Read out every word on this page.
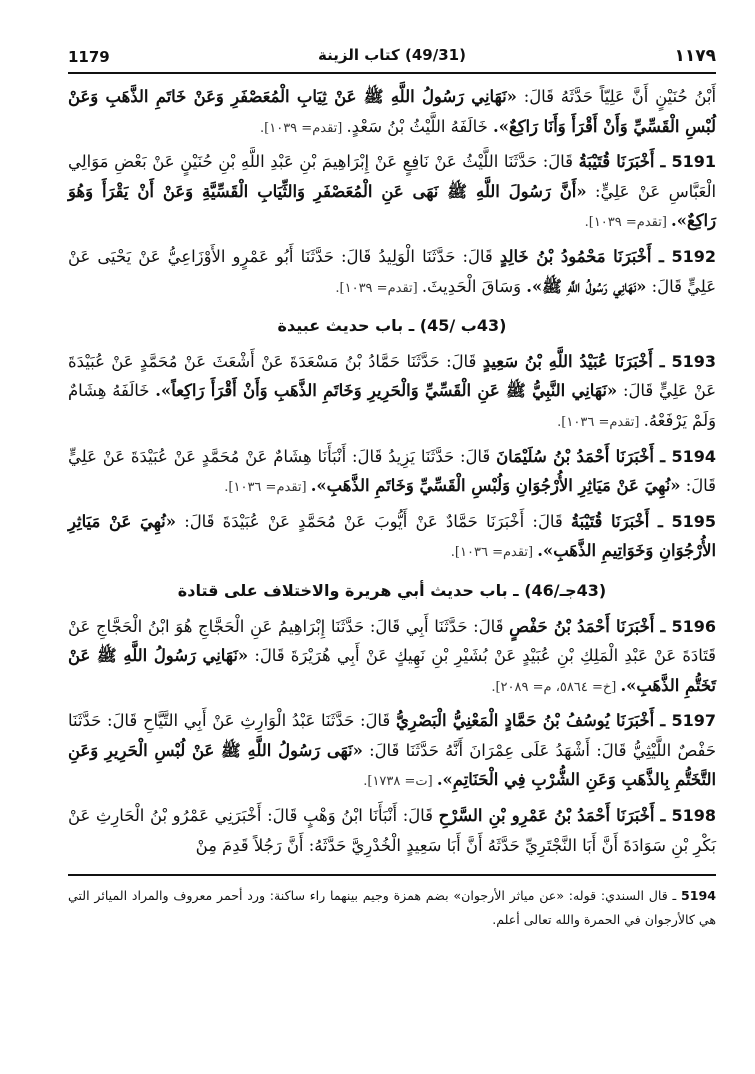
1179	(49/31) كتاب الزينة	١١٧٩

أَبْنُ حُنَيْنٍ أَنَّ عَلِيّاً حَدَّثَهُ قَالَ: «نَهَانِي رَسُولُ اللَّهِ ﷺ عَنْ ثِيَابِ الْمُعَصْفَرِ وَعَنْ خَاتَمِ الذَّهَبِ وَعَنْ لُبْسِ الْقَسِّيِّ وَأَنْ أَقْرَأَ وَأَنَا رَاكِعٌ». خَالَفَهُ اللَّيْثُ بْنُ سَعْدٍ. [تقدم= ١٠٣٩].

5191 ـ أَخْبَرَنَا قُتَيْبَةُ قَالَ: حَدَّثَنَا اللَّيْثُ عَنْ نَافِعٍ عَنْ إِبْرَاهِيمَ بْنِ عَبْدِ اللَّهِ بْنِ حُنَيْنٍ عَنْ بَعْضِ مَوَالِي الْعَبَّاسِ عَنْ عَلِيٍّ: «أَنَّ رَسُولَ اللَّهِ ﷺ نَهَى عَنِ الْمُعَصْفَرِ وَالثِّيَابِ الْقَسِّيَّةِ وَعَنْ أَنْ يَقْرَأَ وَهُوَ رَاكِعٌ». [تقدم= ١٠٣٩].

5192 ـ أَخْبَرَنَا مَحْمُودُ بْنُ خَالِدٍ قَالَ: حَدَّثَنَا الْوَلِيدُ قَالَ: حَدَّثَنَا أَبُو عَمْرٍو الأَوْزَاعِيُّ عَنْ يَحْيَى عَنْ عَلِيٍّ قَالَ: «نَهَانِي رَسُولُ اللَّهِ ﷺ». وَسَاقَ الْحَدِيثَ. [تقدم= ١٠٣٩].

(43ب /45) ـ باب حديث عبيدة

5193 ـ أَخْبَرَنَا عُبَيْدُ اللَّهِ بْنُ سَعِيدٍ قَالَ: حَدَّثَنَا حَمَّادُ بْنُ مَسْعَدَةَ عَنْ أَشْعَثَ عَنْ مُحَمَّدٍ عَنْ عُبَيْدَةَ عَنْ عَلِيٍّ قَالَ: «نَهَانِي النَّبِيُّ ﷺ عَنِ الْقَسِّيِّ وَالْحَرِيرِ وَخَاتَمِ الذَّهَبِ وَأَنْ أَقْرَأَ رَاكِعاً». خَالَفَهُ هِشَامٌ وَلَمْ يَرْفَعْهُ. [تقدم= ١٠٣٦].

5194 ـ أَخْبَرَنَا أَحْمَدُ بْنُ سُلَيْمَانَ قَالَ: حَدَّثَنَا يَزِيدُ قَالَ: أَنْبَأَنَا هِشَامٌ عَنْ مُحَمَّدٍ عَنْ عُبَيْدَةَ عَنْ عَلِيٍّ قَالَ: «نُهِيَ عَنْ مَيَاثِرِ الأُرْجُوَانِ وَلُبْسِ الْقَسِّيِّ وَخَاتَمِ الذَّهَبِ». [تقدم= ١٠٣٦].

5195 ـ أَخْبَرَنَا قُتَيْبَةُ قَالَ: أَخْبَرَنَا حَمَّادٌ عَنْ أَيُّوبَ عَنْ مُحَمَّدٍ عَنْ عُبَيْدَةَ قَالَ: «نُهِيَ عَنْ مَيَاثِرِ الأُرْجُوَانِ وَخَوَاتِيمِ الذَّهَبِ». [تقدم= ١٠٣٦].

(43جـ/46) ـ باب حديث أبي هريرة والاختلاف على قتادة

5196 ـ أَخْبَرَنَا أَحْمَدُ بْنُ حَفْصٍ قَالَ: حَدَّثَنَا أَبِي قَالَ: حَدَّثَنَا إِبْرَاهِيمُ عَنِ الْحَجَّاجِ هُوَ ابْنُ الْحَجَّاجِ عَنْ قَتَادَةَ عَنْ عَبْدِ الْمَلِكِ بْنِ عُبَيْدٍ عَنْ بُشَيْرِ بْنِ نَهِيكٍ عَنْ أَبِي هُرَيْرَةَ قَالَ: «نَهَانِي رَسُولُ اللَّهِ ﷺ عَنْ تَخَتُّمِ الذَّهَبِ». [خ= ٥٨٦٤، م= ٢٠٨٩].

5197 ـ أَخْبَرَنَا يُوسُفُ بْنُ حَمَّادٍ الْمَعْنِيُّ الْبَصْرِيُّ قَالَ: حَدَّثَنَا عَبْدُ الْوَارِثِ عَنْ أَبِي التَّيَّاحِ قَالَ: حَدَّثَنَا حَفْصٌ اللَّيْثِيُّ قَالَ: أَشْهَدُ عَلَى عِمْرَانَ أَنَّهُ حَدَّثَنَا قَالَ: «نَهَى رَسُولُ اللَّهِ ﷺ عَنْ لُبْسِ الْحَرِيرِ وَعَنِ التَّخَتُّمِ بِالذَّهَبِ وَعَنِ الشُّرْبِ فِي الْحَنَاتِمِ». [ت= ١٧٣٨].

5198 ـ أَخْبَرَنَا أَحْمَدُ بْنُ عَمْرِو بْنِ السَّرْحِ قَالَ: أَنْبَأَنَا ابْنُ وَهْبٍ قَالَ: أَخْبَرَنِي عَمْرُو بْنُ الْحَارِثِ عَنْ بَكْرِ بْنِ سَوَادَةَ أَنَّ أَبَا النَّجْتَرِيِّ حَدَّثَهُ أَنَّ أَبَا سَعِيدٍ الْخُدْرِيَّ حَدَّثَهُ: أَنَّ رَجُلاً قَدِمَ مِنْ

5194 ـ قال السندي: قوله: «عن مياثر الأرجوان» بضم همزة وجيم بينهما راء ساكنة: ورد أحمر معروف والمراد الميائر التي هي كالأرجوان في الحمرة والله تعالى أعلم.
